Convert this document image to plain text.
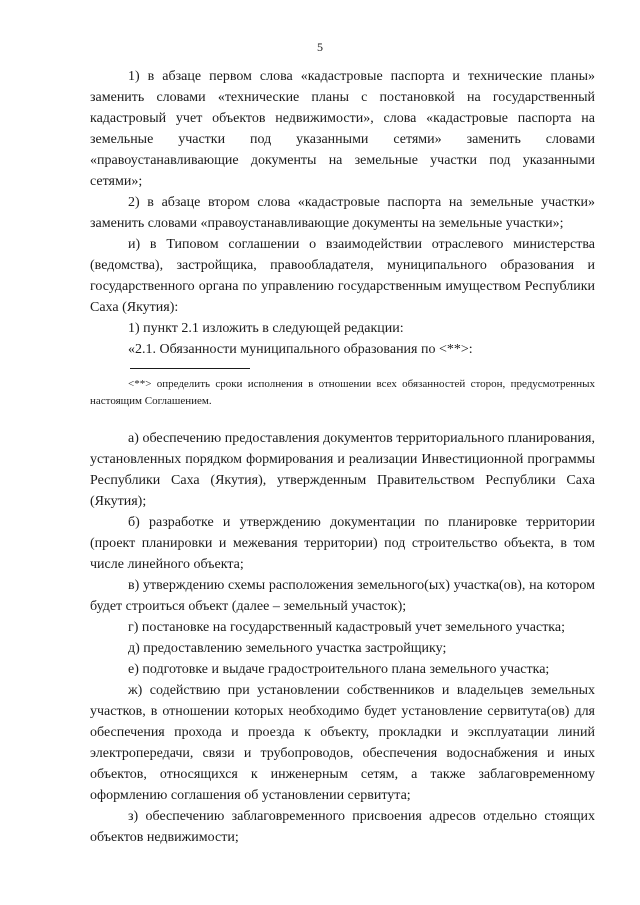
5

1) в абзаце первом слова «кадастровые паспорта и технические планы» заменить словами «технические планы с постановкой на государственный кадастровый учет объектов недвижимости», слова «кадастровые паспорта на земельные участки под указанными сетями» заменить словами «правоустанавливающие документы на земельные участки под указанными сетями»;

2) в абзаце втором слова «кадастровые паспорта на земельные участки» заменить словами «правоустанавливающие документы на земельные участки»;

и) в Типовом соглашении о взаимодействии отраслевого министерства (ведомства), застройщика, правообладателя, муниципального образования и государственного органа по управлению государственным имуществом Республики Саха (Якутия):

1) пункт 2.1 изложить в следующей редакции:

«2.1. Обязанности муниципального образования по <**>:

<**> определить сроки исполнения в отношении всех обязанностей сторон, предусмотренных настоящим Соглашением.

а) обеспечению предоставления документов территориального планирования, установленных порядком формирования и реализации Инвестиционной программы Республики Саха (Якутия), утвержденным Правительством Республики Саха (Якутия);

б) разработке и утверждению документации по планировке территории (проект планировки и межевания территории) под строительство объекта, в том числе линейного объекта;

в) утверждению схемы расположения земельного(ых) участка(ов), на котором будет строиться объект (далее – земельный участок);

г) постановке на государственный кадастровый учет земельного участка;

д) предоставлению земельного участка застройщику;

е) подготовке и выдаче градостроительного плана земельного участка;

ж) содействию при установлении собственников и владельцев земельных участков, в отношении которых необходимо будет установление сервитута(ов) для обеспечения прохода и проезда к объекту, прокладки и эксплуатации линий электропередачи, связи и трубопроводов, обеспечения водоснабжения и иных объектов, относящихся к инженерным сетям, а также заблаговременному оформлению соглашения об установлении сервитута;

з) обеспечению заблаговременного присвоения адресов отдельно стоящих объектов недвижимости;
